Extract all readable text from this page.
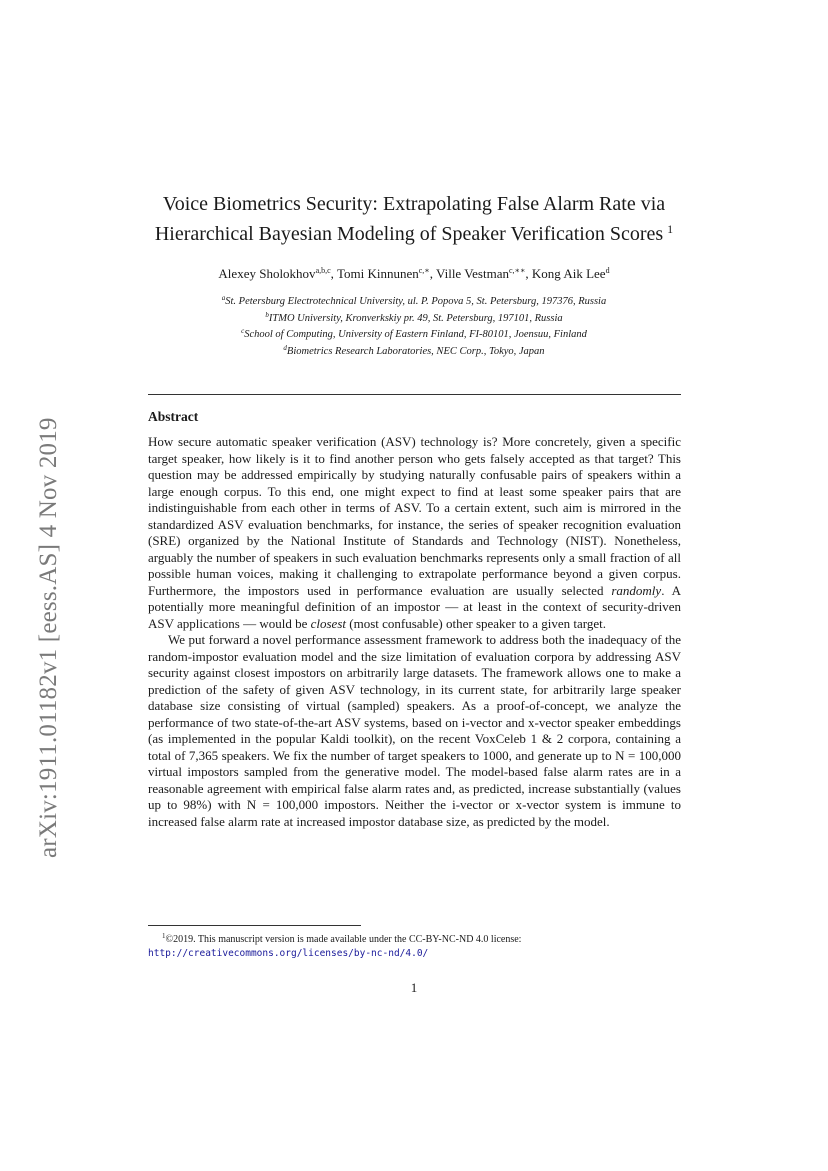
arXiv:1911.01182v1 [eess.AS] 4 Nov 2019
Voice Biometrics Security: Extrapolating False Alarm Rate via
Hierarchical Bayesian Modeling of Speaker Verification Scores $^1$
Alexey Sholokhov$^{a,b,c}$, Tomi Kinnunen$^{c,∗}$, Ville Vestman$^{c,∗∗}$, Kong Aik Lee$^d$
$^a$St. Petersburg Electrotechnical University, ul. P. Popova 5, St. Petersburg, 197376, Russia
$^b$ITMO University, Kronverkskiy pr. 49, St. Petersburg, 197101, Russia
$^c$School of Computing, University of Eastern Finland, FI-80101, Joensuu, Finland
$^d$Biometrics Research Laboratories, NEC Corp., Tokyo, Japan
Abstract

How secure automatic speaker verification (ASV) technology is? More concretely, given a specific target speaker, how likely is it to find another person who gets falsely accepted as that target? This question may be addressed empirically by studying naturally confusable pairs of speakers within a large enough corpus. To this end, one might expect to find at least some speaker pairs that are indistinguishable from each other in terms of ASV. To a certain extent, such aim is mirrored in the standardized ASV evaluation benchmarks, for instance, the series of speaker recognition evaluation (SRE) organized by the National Institute of Standards and Technology (NIST). Nonetheless, arguably the number of speakers in such evaluation benchmarks represents only a small fraction of all possible human voices, making it challenging to extrapolate performance beyond a given corpus. Furthermore, the impostors used in performance evaluation are usually selected randomly. A potentially more meaningful definition of an impostor — at least in the context of security-driven ASV applications — would be closest (most confusable) other speaker to a given target.

We put forward a novel performance assessment framework to address both the inadequacy of the random-impostor evaluation model and the size limitation of evaluation corpora by addressing ASV security against closest impostors on arbitrarily large datasets. The framework allows one to make a prediction of the safety of given ASV technology, in its current state, for arbitrarily large speaker database size consisting of virtual (sampled) speakers. As a proof-of-concept, we analyze the performance of two state-of-the-art ASV systems, based on i-vector and x-vector speaker embeddings (as implemented in the popular Kaldi toolkit), on the recent VoxCeleb 1 & 2 corpora, containing a total of 7,365 speakers. We fix the number of target speakers to 1000, and generate up to N = 100,000 virtual impostors sampled from the generative model. The model-based false alarm rates are in a reasonable agreement with empirical false alarm rates and, as predicted, increase substantially (values up to 98%) with N = 100,000 impostors. Neither the i-vector or x-vector system is immune to increased false alarm rate at increased impostor database size, as predicted by the model.

$^1$©2019. This manuscript version is made available under the CC-BY-NC-ND 4.0 license:
http://creativecommons.org/licenses/by-nc-nd/4.0/
1
